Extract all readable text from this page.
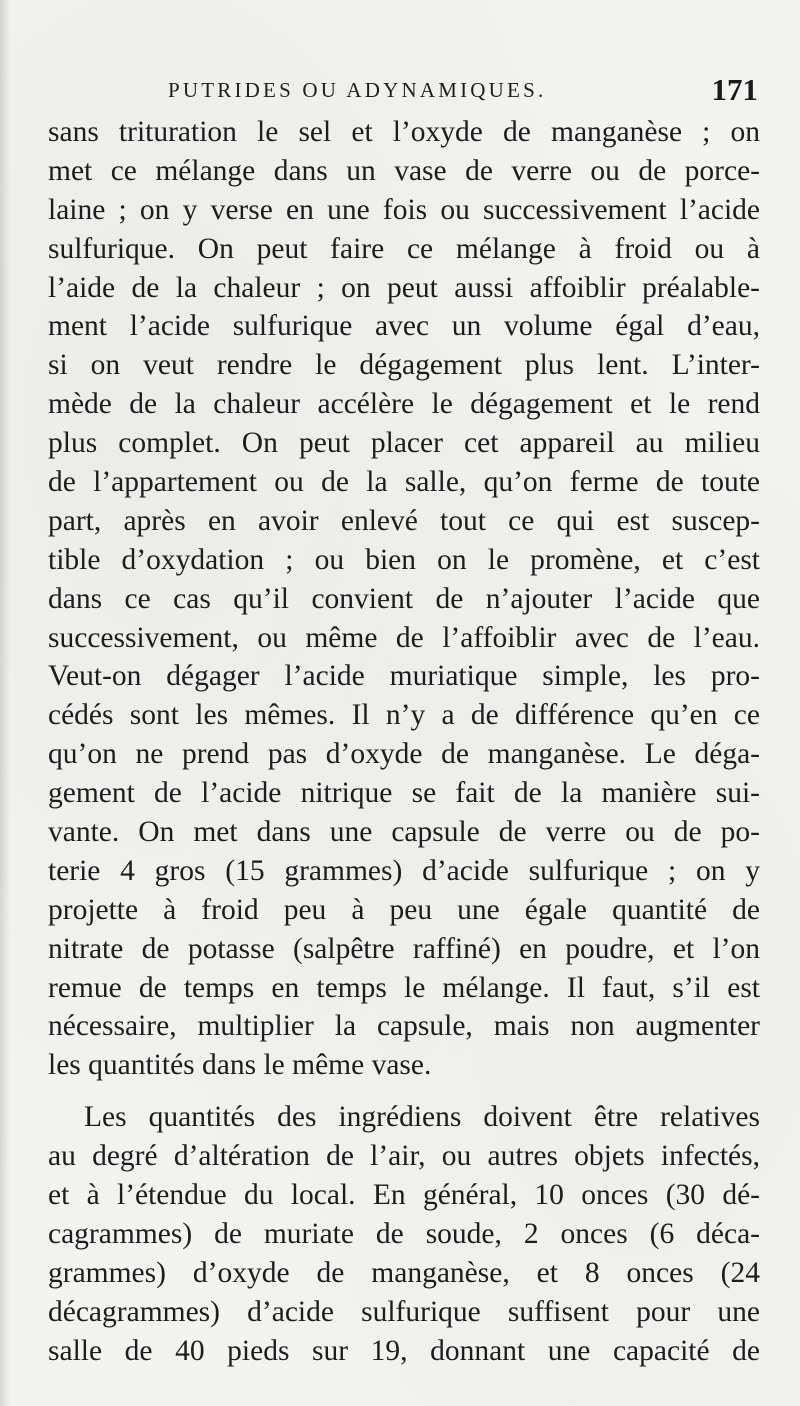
PUTRIDES OU ADYNAMIQUES.	171
sans trituration le sel et l’oxyde de manganèse ; on
met ce mélange dans un vase de verre ou de porce-
laine ; on y verse en une fois ou successivement l’acide
sulfurique. On peut faire ce mélange à froid ou à
l’aide de la chaleur ; on peut aussi affoiblir préalable-
ment l’acide sulfurique avec un volume égal d’eau,
si on veut rendre le dégagement plus lent. L’inter-
mède de la chaleur accélère le dégagement et le rend
plus complet. On peut placer cet appareil au milieu
de l’appartement ou de la salle, qu’on ferme de toute
part, après en avoir enlevé tout ce qui est suscep-
tible d’oxydation ; ou bien on le promène, et c’est
dans ce cas qu’il convient de n’ajouter l’acide que
successivement, ou même de l’affoiblir avec de l’eau.
Veut-on dégager l’acide muriatique simple, les pro-
cédés sont les mêmes. Il n’y a de différence qu’en ce
qu’on ne prend pas d’oxyde de manganèse. Le déga-
gement de l’acide nitrique se fait de la manière sui-
vante. On met dans une capsule de verre ou de po-
terie 4 gros (15 grammes) d’acide sulfurique ; on y
projette à froid peu à peu une égale quantité de
nitrate de potasse (salpêtre raffiné) en poudre, et l’on
remue de temps en temps le mélange. Il faut, s’il est
nécessaire, multiplier la capsule, mais non augmenter
les quantités dans le même vase.
Les quantités des ingrédiens doivent être relatives
au degré d’altération de l’air, ou autres objets infectés,
et à l’étendue du local. En général, 10 onces (30 dé-
cagrammes) de muriate de soude, 2 onces (6 déca-
grammes) d’oxyde de manganèse, et 8 onces (24
décagrammes) d’acide sulfurique suffisent pour une
salle de 40 pieds sur 19, donnant une capacité de
